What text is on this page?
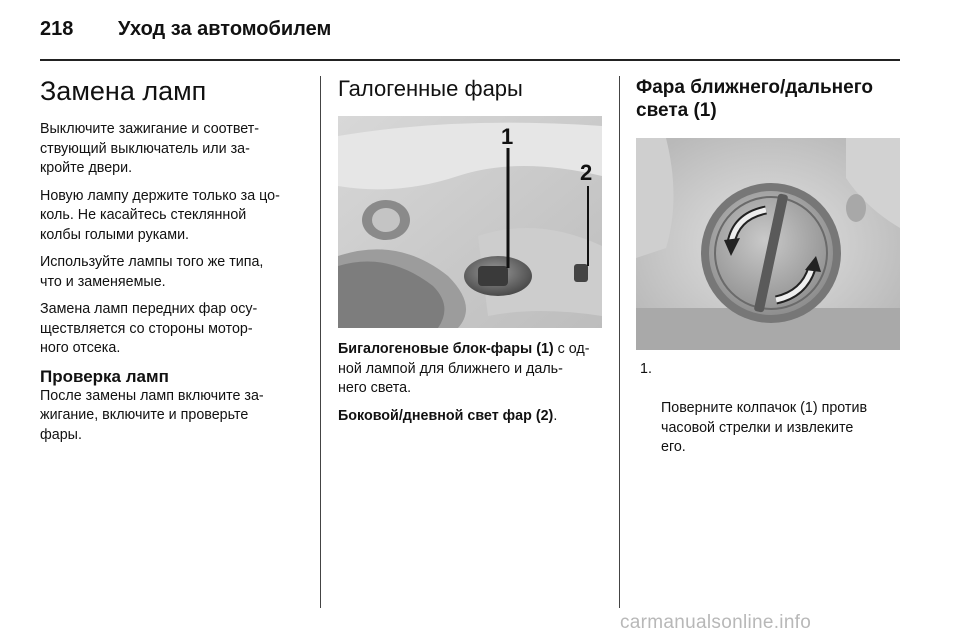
218 Уход за автомобилем
Замена ламп

Выключите зажигание и соответ-
ствующий выключатель или за-
кройте двери.

Новую лампу держите только за цо-
коль. Не касайтесь стеклянной
колбы голыми руками.

Используйте лампы того же типа,
что и заменяемые.

Замена ламп передних фар осу-
ществляется со стороны мотор-
ного отсека.

Проверка ламп

После замены ламп включите за-
жигание, включите и проверьте
фары.

Галогенные фары
1
2

Бигалогеновые блок-фары (1) с од-
ной лампой для ближнего и даль-
него света.

Боковой/дневной свет фар (2).

Фара ближнего/дальнего
света (1)

1.

Поверните колпачок (1) против
часовой стрелки и извлеките
его.

carmanualsonline.info
